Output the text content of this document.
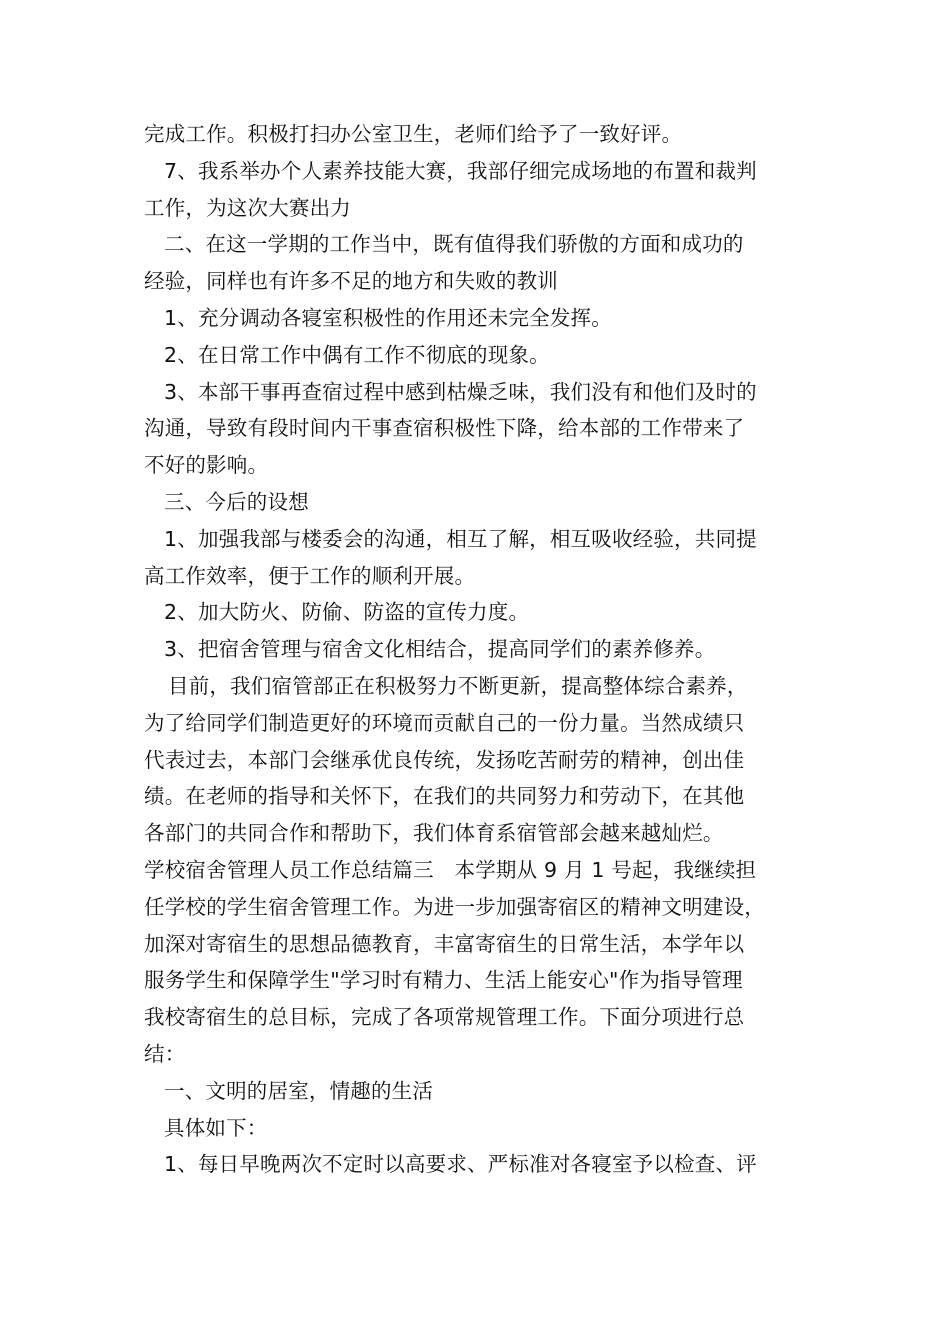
完成工作。积极打扫办公室卫生，老师们给予了一致好评。
7、我系举办个人素养技能大赛，我部仔细完成场地的布置和裁判
工作，为这次大赛出力
二、在这一学期的工作当中，既有值得我们骄傲的方面和成功的
经验，同样也有许多不足的地方和失败的教训
1、充分调动各寝室积极性的作用还未完全发挥。
2、在日常工作中偶有工作不彻底的现象。
3、本部干事再查宿过程中感到枯燥乏味，我们没有和他们及时的
沟通，导致有段时间内干事查宿积极性下降，给本部的工作带来了
不好的影响。
三、今后的设想
1、加强我部与楼委会的沟通，相互了解，相互吸收经验，共同提
高工作效率，便于工作的顺利开展。
2、加大防火、防偷、防盗的宣传力度。
3、把宿舍管理与宿舍文化相结合，提高同学们的素养修养。
目前，我们宿管部正在积极努力不断更新，提高整体综合素养，
为了给同学们制造更好的环境而贡献自己的一份力量。当然成绩只
代表过去，本部门会继承优良传统，发扬吃苦耐劳的精神，创出佳
绩。在老师的指导和关怀下，在我们的共同努力和劳动下，在其他
各部门的共同合作和帮助下，我们体育系宿管部会越来越灿烂。
学校宿舍管理人员工作总结篇三　本学期从 9 月 1 号起，我继续担
任学校的学生宿舍管理工作。为进一步加强寄宿区的精神文明建设，
加深对寄宿生的思想品德教育，丰富寄宿生的日常生活，本学年以
服务学生和保障学生"学习时有精力、生活上能安心"作为指导管理
我校寄宿生的总目标，完成了各项常规管理工作。下面分项进行总
结：
一、文明的居室，情趣的生活
具体如下：
1、每日早晚两次不定时以高要求、严标准对各寝室予以检查、评
